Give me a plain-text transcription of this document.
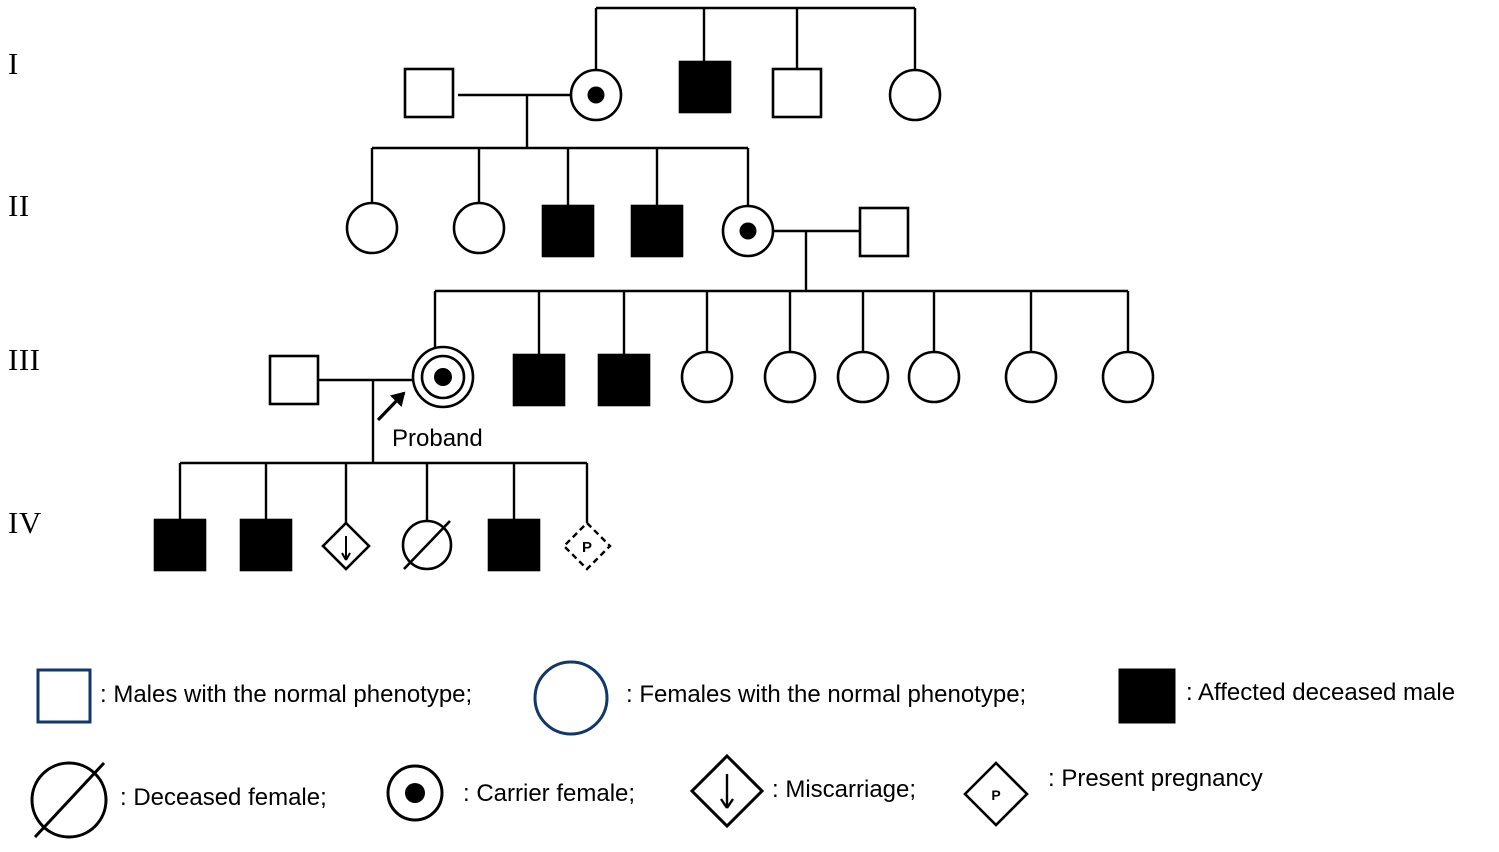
I
II
III
IV
P
Proband
: Males with the normal phenotype;	: Females with the normal phenotype;	: Affected deceased male
: Deceased female;	: Carrier female;	: Miscarriage;	P
: Present pregnancy
